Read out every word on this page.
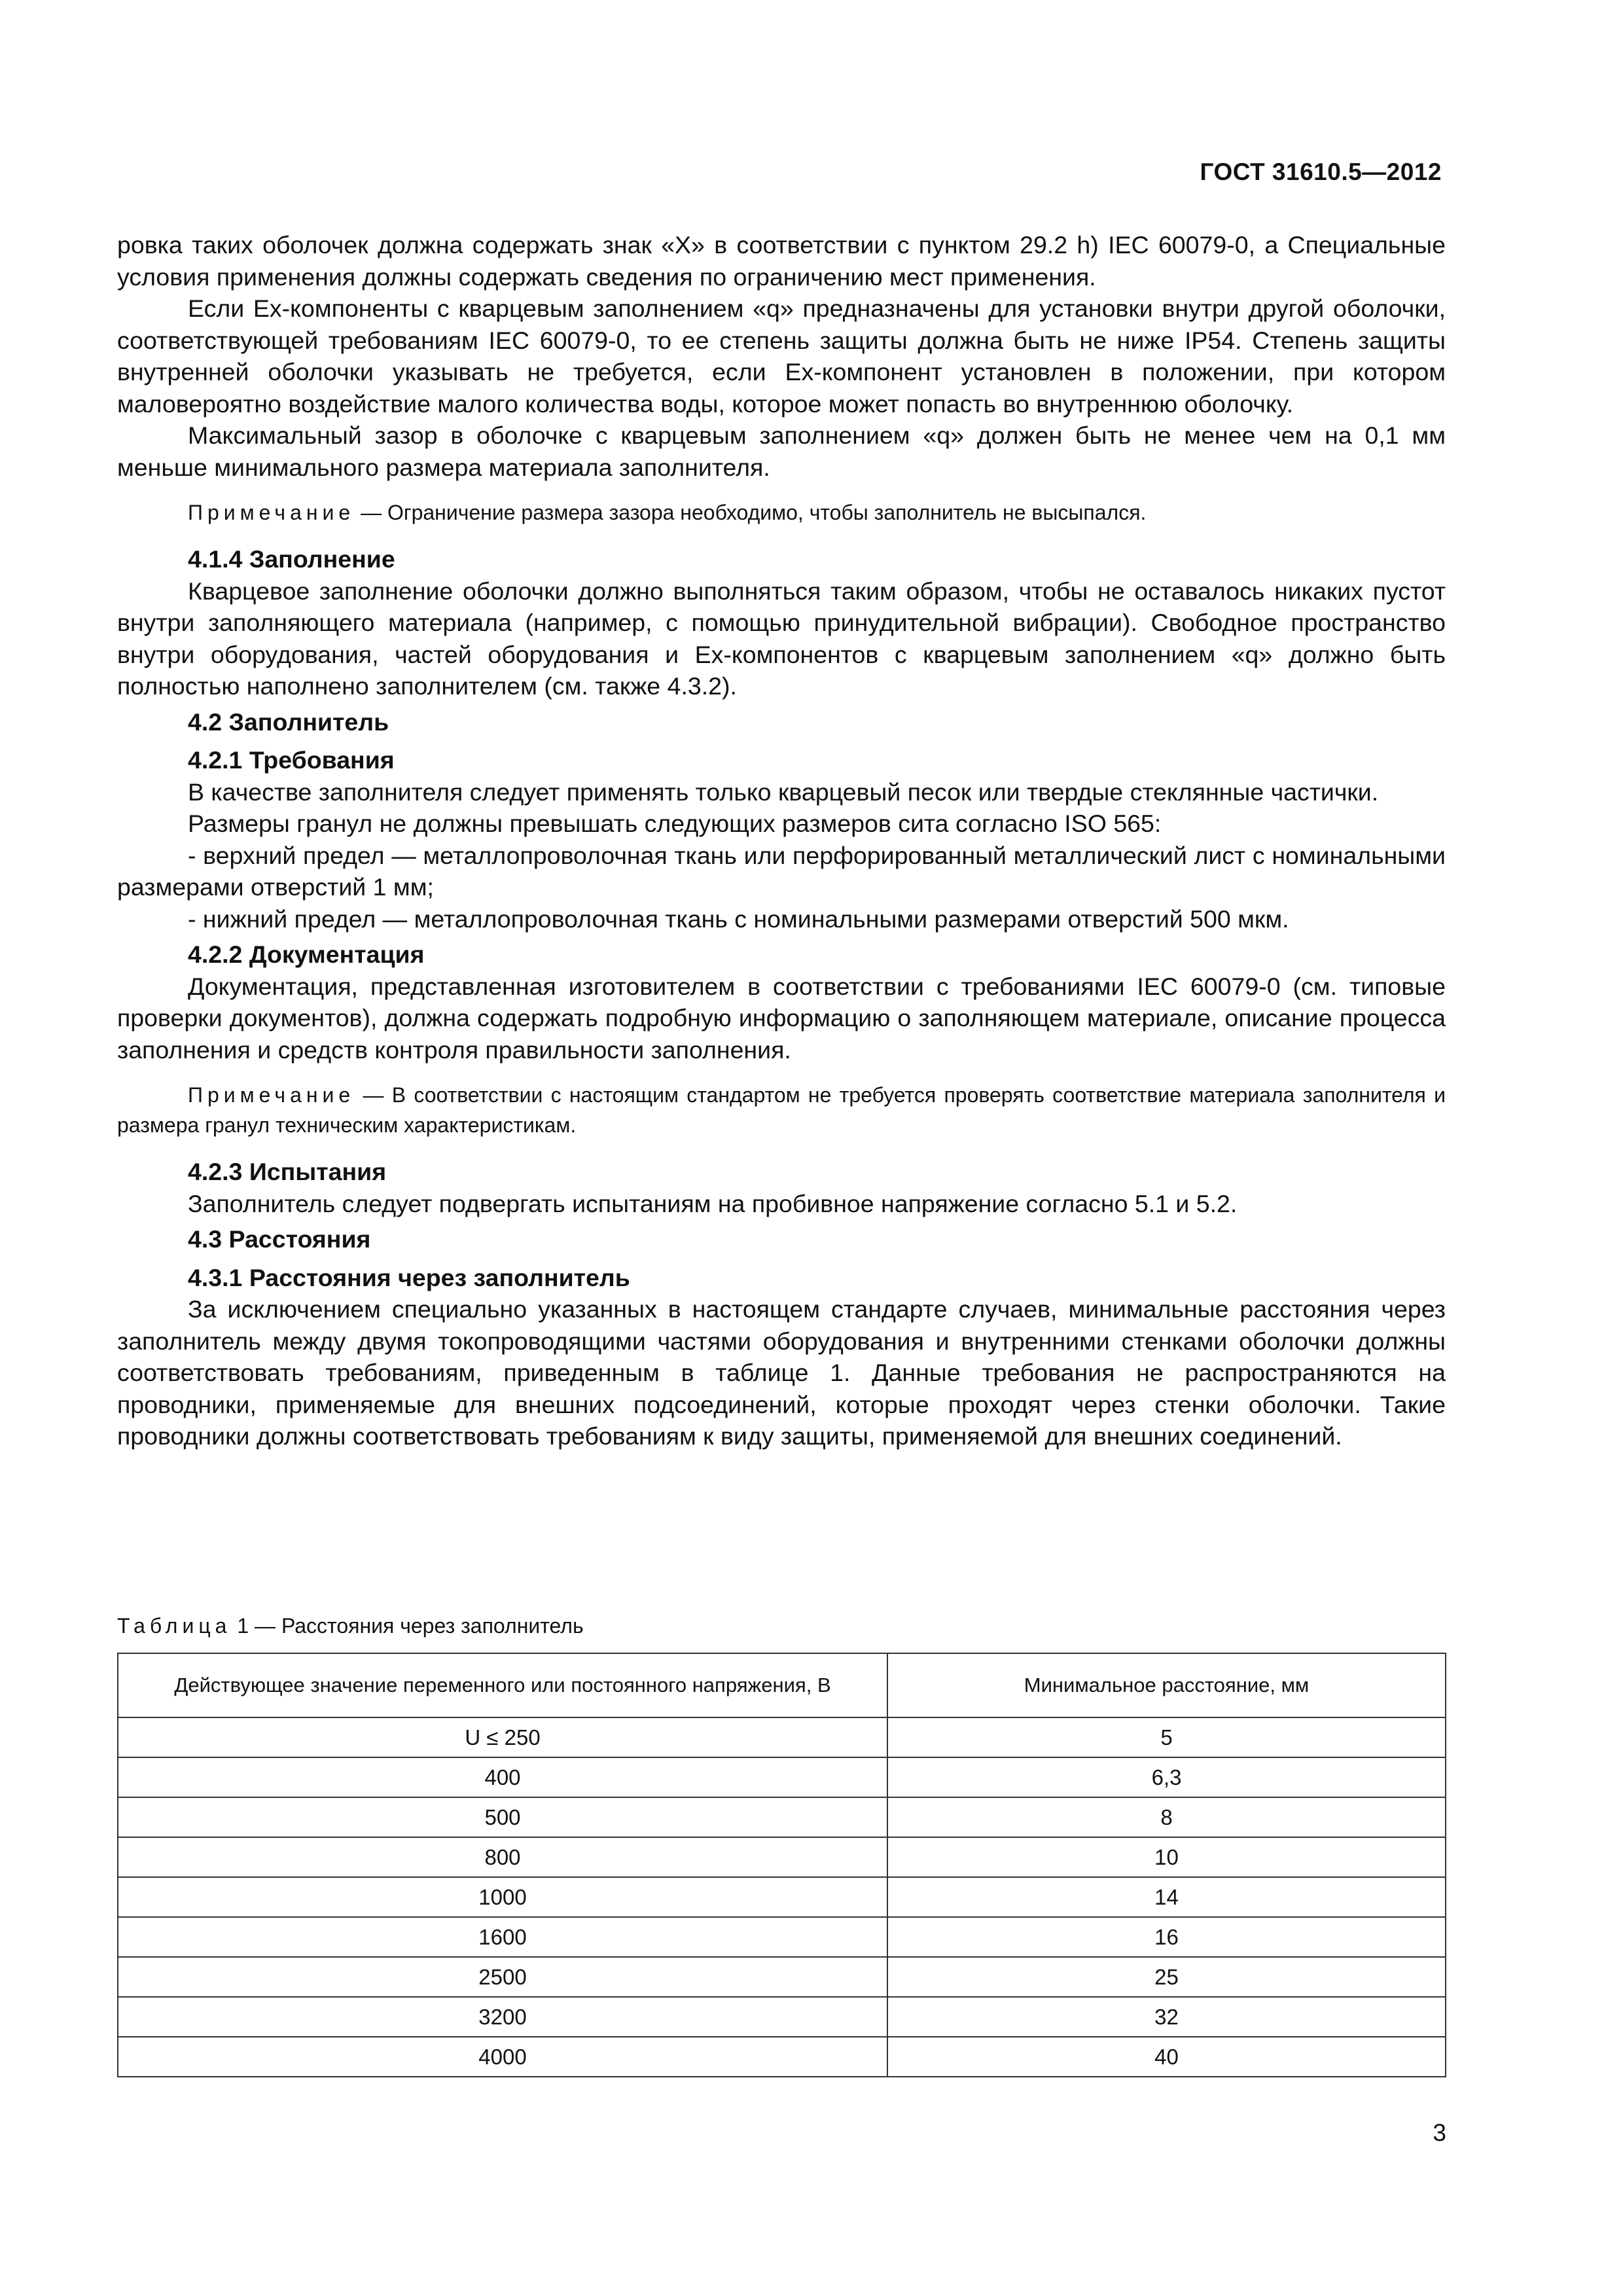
ГОСТ 31610.5—2012

ровка таких оболочек должна содержать знак «X» в соответствии с пунктом 29.2 h) IEC 60079-0, а Специальные условия применения должны содержать сведения по ограничению мест применения.

Если Ex-компоненты с кварцевым заполнением «q» предназначены для установки внутри другой оболочки, соответствующей требованиям IEC 60079-0, то ее степень защиты должна быть не ниже IP54. Степень защиты внутренней оболочки указывать не требуется, если Ex-компонент установлен в положении, при котором маловероятно воздействие малого количества воды, которое может попасть во внутреннюю оболочку.

Максимальный зазор в оболочке с кварцевым заполнением «q» должен быть не менее чем на 0,1 мм меньше минимального размера материала заполнителя.

Примечание — Ограничение размера зазора необходимо, чтобы заполнитель не высыпался.

4.1.4 Заполнение

Кварцевое заполнение оболочки должно выполняться таким образом, чтобы не оставалось никаких пустот внутри заполняющего материала (например, с помощью принудительной вибрации). Свободное пространство внутри оборудования, частей оборудования и Ex-компонентов с кварцевым заполнением «q» должно быть полностью наполнено заполнителем (см. также 4.3.2).

4.2 Заполнитель

4.2.1 Требования

В качестве заполнителя следует применять только кварцевый песок или твердые стеклянные частички.

Размеры гранул не должны превышать следующих размеров сита согласно ISO 565:

- верхний предел — металлопроволочная ткань или перфорированный металлический лист с номинальными размерами отверстий 1 мм;

- нижний предел — металлопроволочная ткань с номинальными размерами отверстий 500 мкм.

4.2.2 Документация

Документация, представленная изготовителем в соответствии с требованиями IEC 60079-0 (см. типовые проверки документов), должна содержать подробную информацию о заполняющем материале, описание процесса заполнения и средств контроля правильности заполнения.

Примечание — В соответствии с настоящим стандартом не требуется проверять соответствие материала заполнителя и размера гранул техническим характеристикам.

4.2.3 Испытания

Заполнитель следует подвергать испытаниям на пробивное напряжение согласно 5.1 и 5.2.

4.3 Расстояния

4.3.1 Расстояния через заполнитель

За исключением специально указанных в настоящем стандарте случаев, минимальные расстояния через заполнитель между двумя токопроводящими частями оборудования и внутренними стенками оболочки должны соответствовать требованиям, приведенным в таблице 1. Данные требования не распространяются на проводники, применяемые для внешних подсоединений, которые проходят через стенки оболочки. Такие проводники должны соответствовать требованиям к виду защиты, применяемой для внешних соединений.

Таблица 1 — Расстояния через заполнитель
Действующее значение переменного или постоянного напряжения, В	Минимальное расстояние, мм
U ≤ 250	5
400	6,3
500	8
800	10
1000	14
1600	16
2500	25
3200	32
4000	40
3
